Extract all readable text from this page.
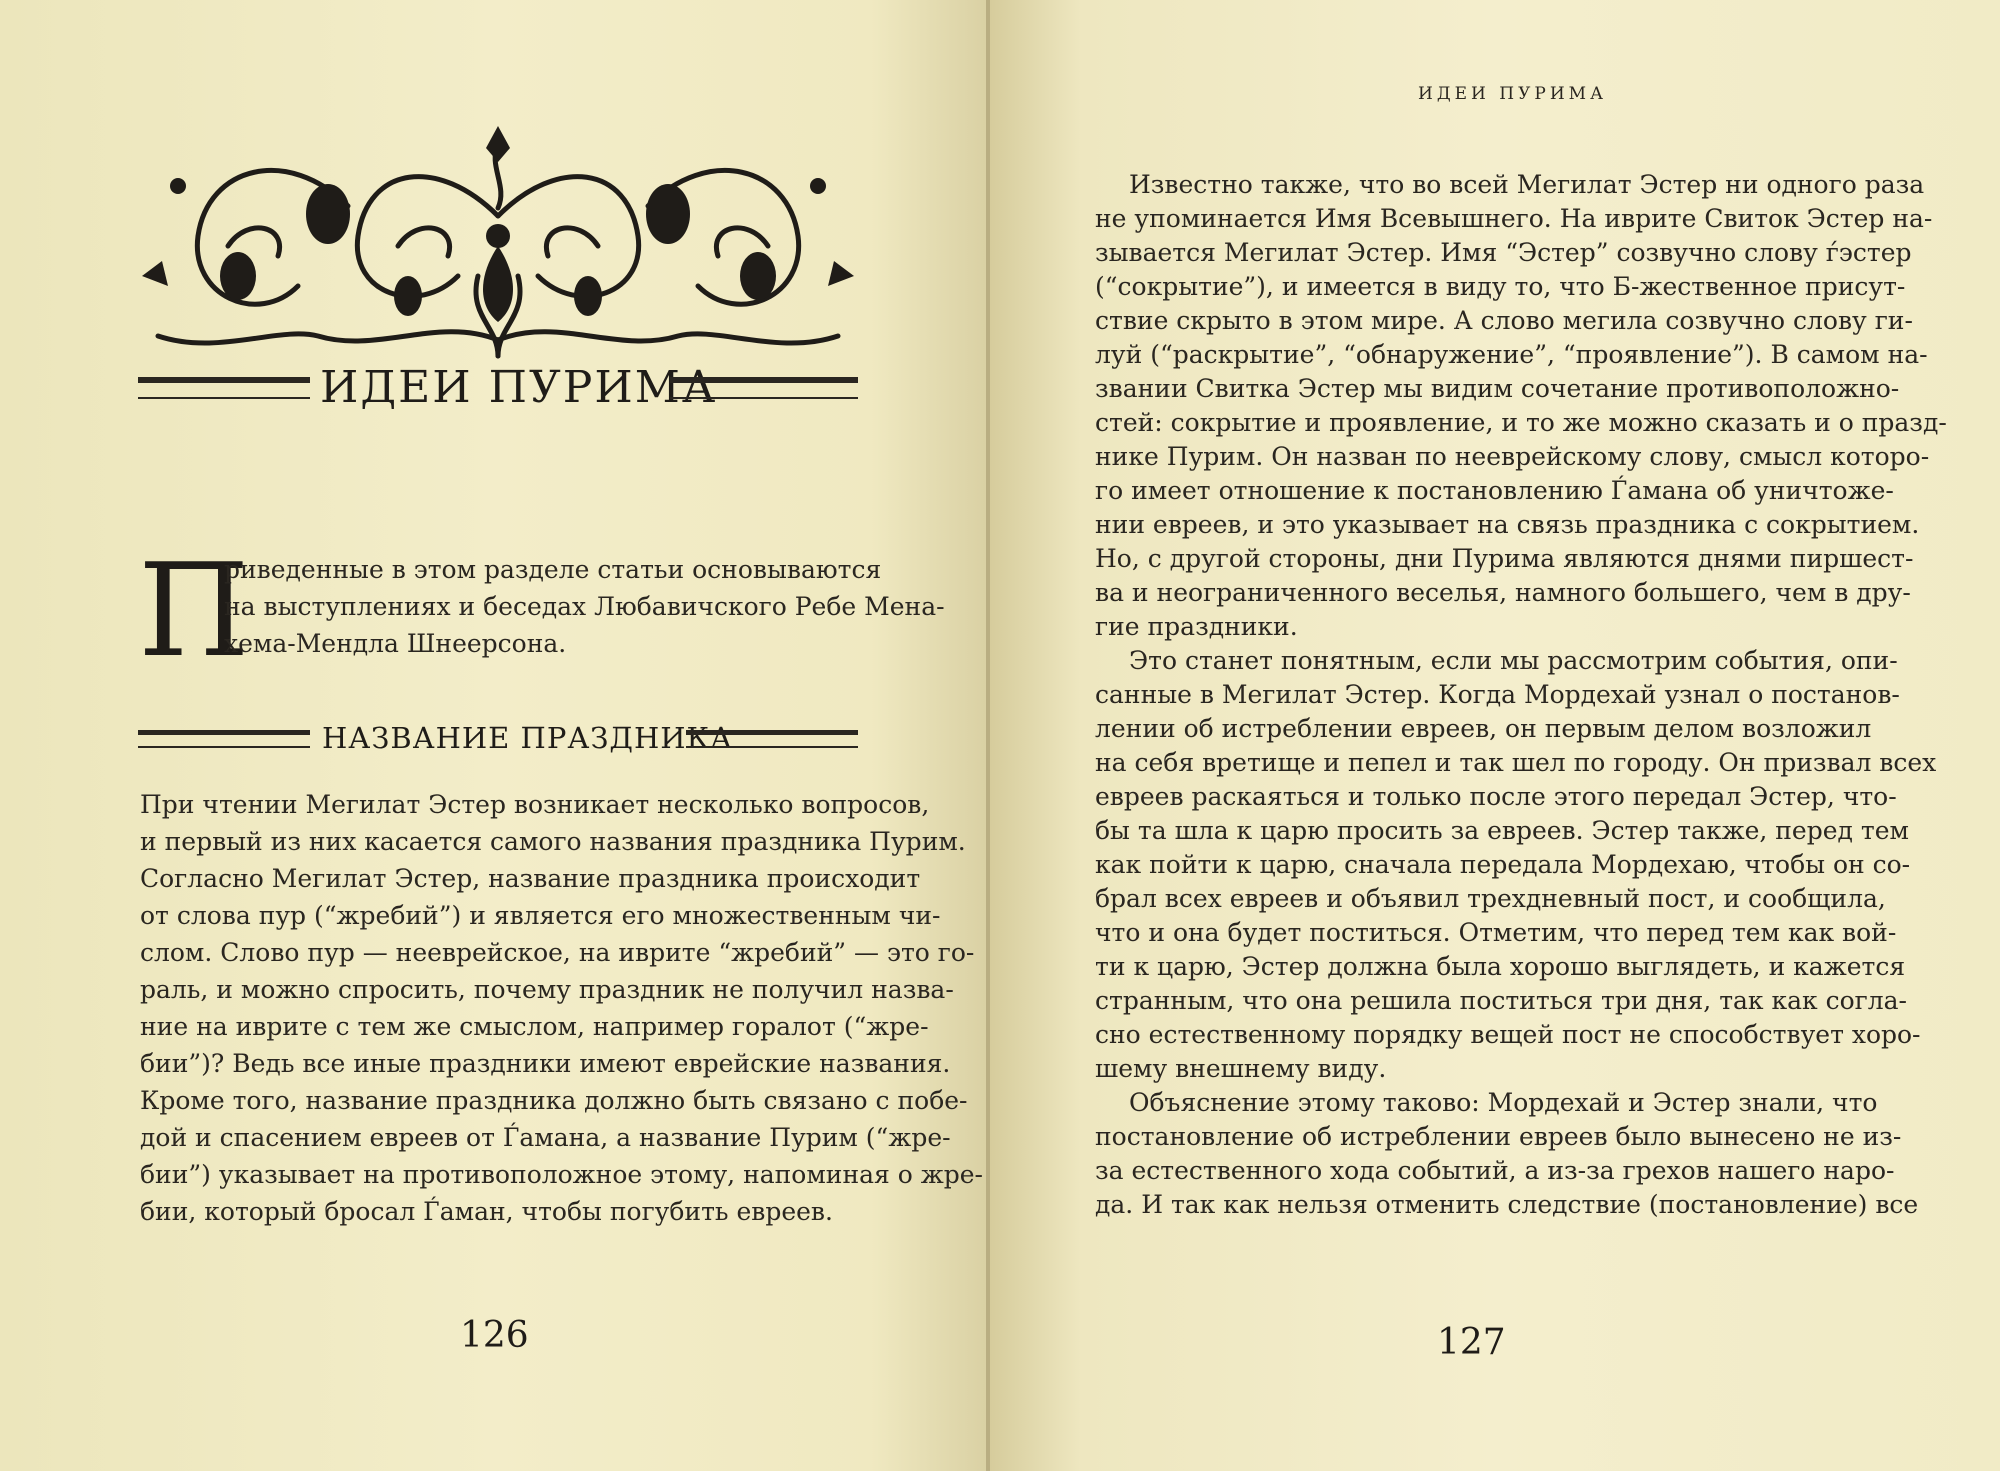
ИДЕИ ПУРИМА
П
риведенные в этом разделе статьи основываются
на выступлениях и беседах Любавичского Ребе Мена-
хема-Мендла Шнеерсона.
НАЗВАНИЕ ПРАЗДНИКА
При чтении Мегилат Эстер возникает несколько вопросов,
и первый из них касается самого названия праздника Пурим.
Согласно Мегилат Эстер, название праздника происходит
от слова пур (“жребий”) и является его множественным чи-
слом. Слово пур — нееврейское, на иврите “жребий” — это го-
раль, и можно спросить, почему праздник не получил назва-
ние на иврите с тем же смыслом, например горалот (“жре-
бии”)? Ведь все иные праздники имеют еврейские названия.
Кроме того, название праздника должно быть связано с побе-
дой и спасением евреев от Ѓамана, а название Пурим (“жре-
бии”) указывает на противоположное этому, напоминая о жре-
бии, который бросал Ѓаман, чтобы погубить евреев.
126
ИДЕИ ПУРИМА
Известно также, что во всей Мегилат Эстер ни одного раза
не упоминается Имя Всевышнего. На иврите Свиток Эстер на-
зывается Мегилат Эстер. Имя “Эстер” созвучно слову ѓэстер
(“сокрытие”), и имеется в виду то, что Б-жественное присут-
ствие скрыто в этом мире. А слово мегила созвучно слову ги-
луй (“раскрытие”, “обнаружение”, “проявление”). В самом на-
звании Свитка Эстер мы видим сочетание противоположно-
стей: сокрытие и проявление, и то же можно сказать и о празд-
нике Пурим. Он назван по нееврейскому слову, смысл которо-
го имеет отношение к постановлению Ѓамана об уничтоже-
нии евреев, и это указывает на связь праздника с сокрытием.
Но, с другой стороны, дни Пурима являются днями пиршест-
ва и неограниченного веселья, намного большего, чем в дру-
гие праздники.
Это станет понятным, если мы рассмотрим события, опи-
санные в Мегилат Эстер. Когда Мордехай узнал о постанов-
лении об истреблении евреев, он первым делом возложил
на себя вретище и пепел и так шел по городу. Он призвал всех
евреев раскаяться и только после этого передал Эстер, что-
бы та шла к царю просить за евреев. Эстер также, перед тем
как пойти к царю, сначала передала Мордехаю, чтобы он со-
брал всех евреев и объявил трехдневный пост, и сообщила,
что и она будет поститься. Отметим, что перед тем как вой-
ти к царю, Эстер должна была хорошо выглядеть, и кажется
странным, что она решила поститься три дня, так как согла-
сно естественному порядку вещей пост не способствует хоро-
шему внешнему виду.
Объяснение этому таково: Мордехай и Эстер знали, что
постановление об истреблении евреев было вынесено не из-
за естественного хода событий, а из-за грехов нашего наро-
да. И так как нельзя отменить следствие (постановление) все
127
